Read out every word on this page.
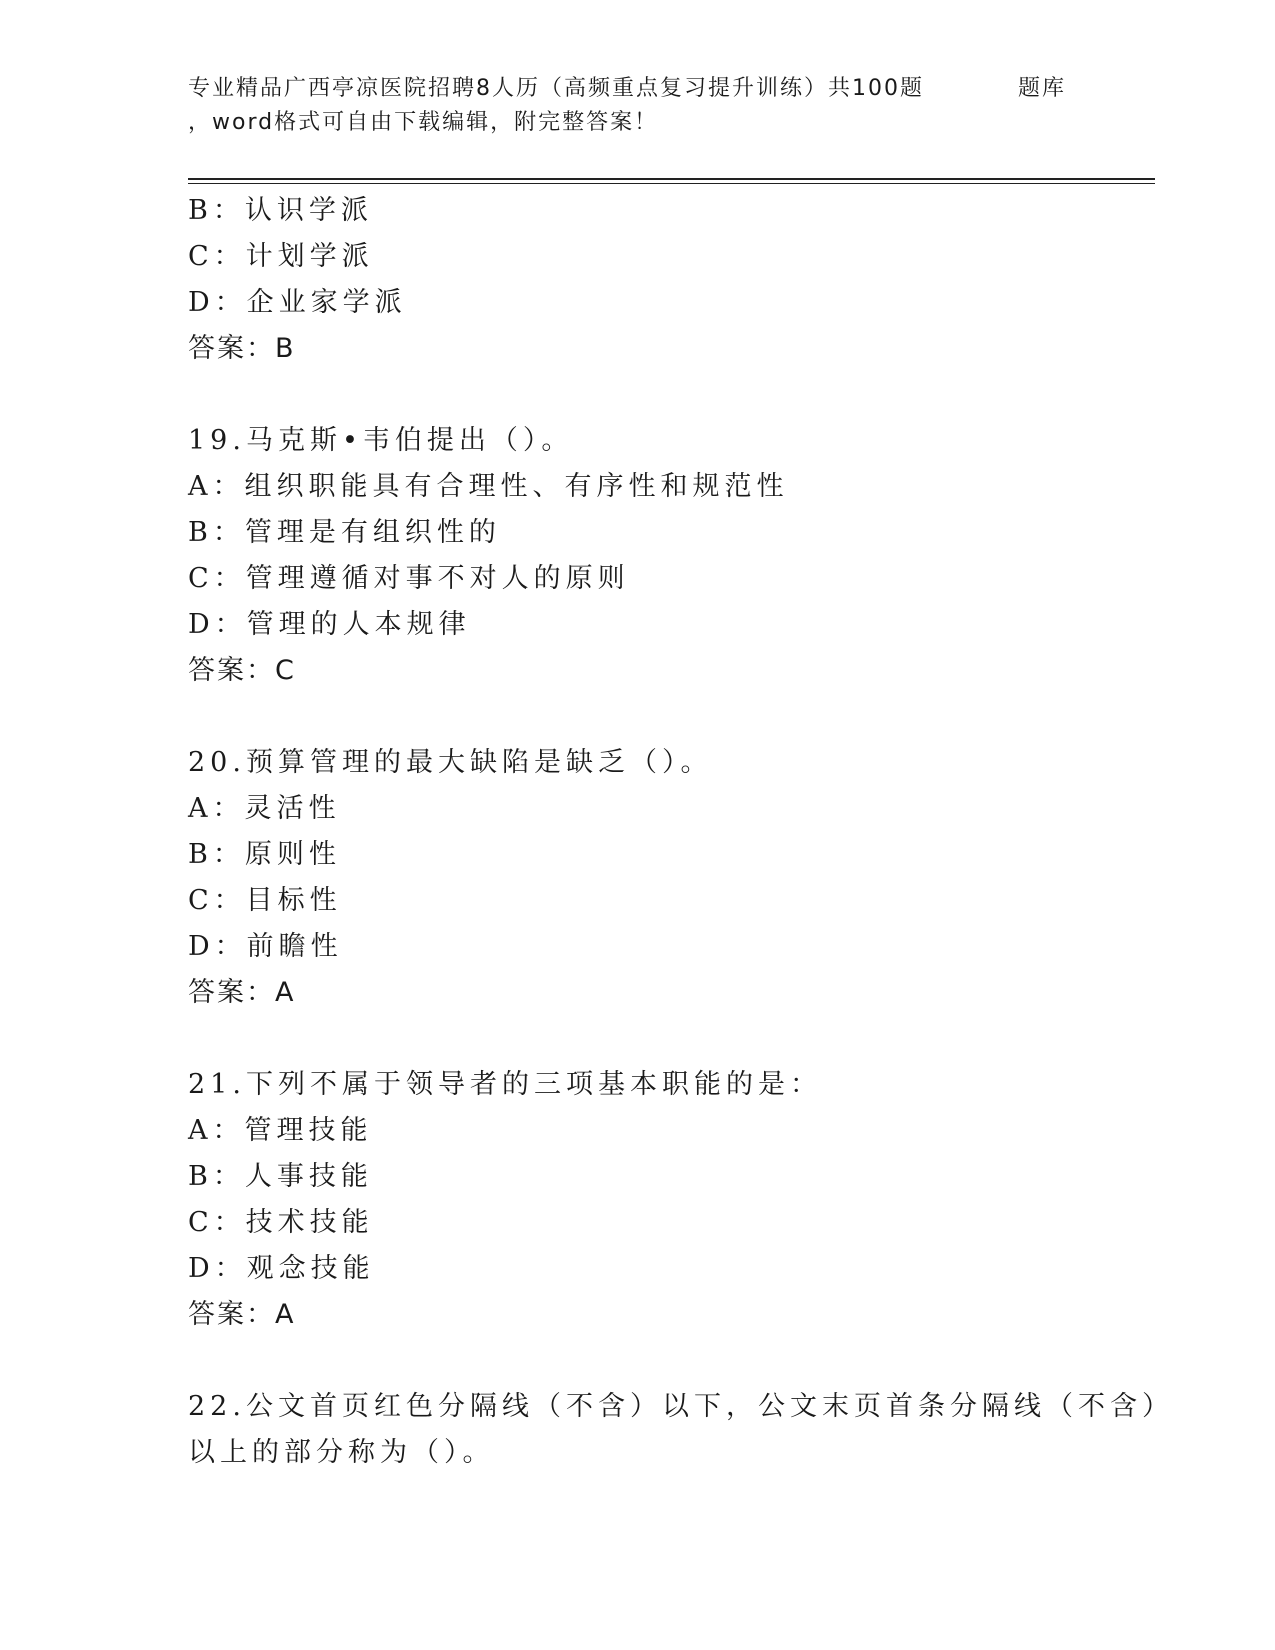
专业精品广西亭凉医院招聘8人历（高频重点复习提升训练）共100题	题库
，word格式可自由下载编辑，附完整答案！
B：认识学派
C：计划学派
D：企业家学派
答案：B
19.马克斯•韦伯提出（）。
A：组织职能具有合理性、有序性和规范性
B：管理是有组织性的
C：管理遵循对事不对人的原则
D：管理的人本规律
答案：C
20.预算管理的最大缺陷是缺乏（）。
A：灵活性
B：原则性
C：目标性
D：前瞻性
答案：A
21.下列不属于领导者的三项基本职能的是：
A：管理技能
B：人事技能
C：技术技能
D：观念技能
答案：A
22.公文首页红色分隔线（不含）以下，公文末页首条分隔线（不含）
以上的部分称为（）。
